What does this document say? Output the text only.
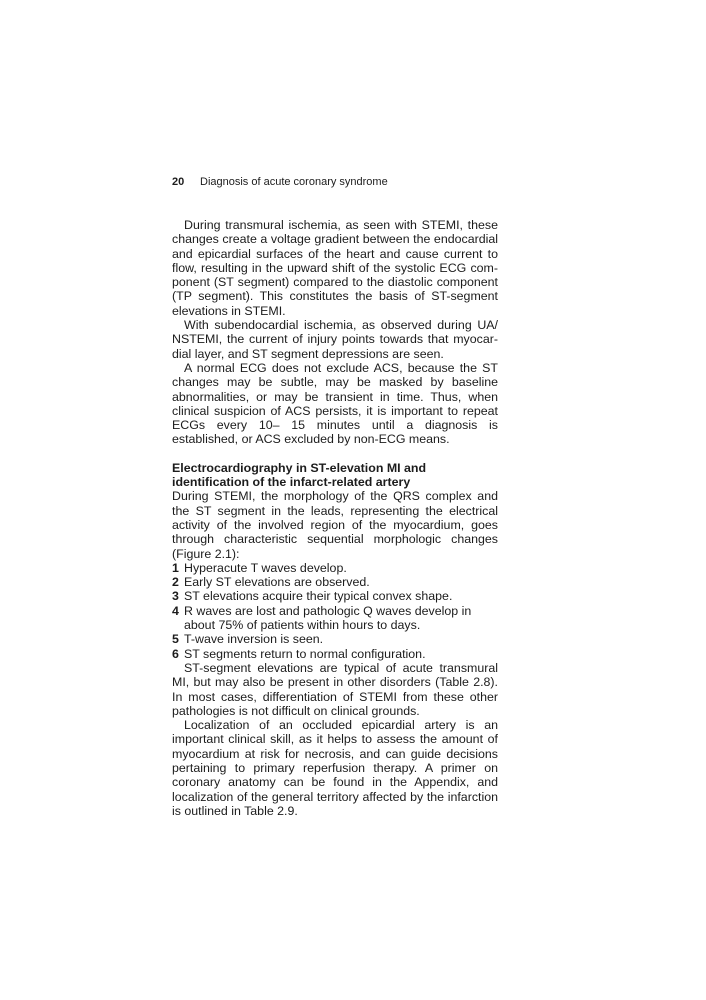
20 Diagnosis of acute coronary syndrome

During transmural ischemia, as seen with STEMI, these changes create a voltage gradient between the endocardial and epicardial surfaces of the heart and cause current to flow, resulting in the upward shift of the systolic ECG component (ST segment) compared to the diastolic component (TP segment). This constitutes the basis of ST-segment elevations in STEMI.

With subendocardial ischemia, as observed during UA/ NSTEMI, the current of injury points towards that myocardial layer, and ST segment depressions are seen.

A normal ECG does not exclude ACS, because the ST changes may be subtle, may be masked by baseline abnormalities, or may be transient in time. Thus, when clinical suspicion of ACS persists, it is important to repeat ECGs every 10– 15 minutes until a diagnosis is established, or ACS excluded by non-ECG means.

Electrocardiography in ST-elevation MI and identification of the infarct-related artery

During STEMI, the morphology of the QRS complex and the ST segment in the leads, representing the electrical activity of the involved region of the myocardium, goes through characteristic sequential morphologic changes (Figure 2.1):

1 Hyperacute T waves develop.
2 Early ST elevations are observed.
3 ST elevations acquire their typical convex shape.
4 R waves are lost and pathologic Q waves develop in about 75% of patients within hours to days.
5 T-wave inversion is seen.
6 ST segments return to normal configuration.

ST-segment elevations are typical of acute transmural MI, but may also be present in other disorders (Table 2.8). In most cases, differentiation of STEMI from these other pathologies is not difficult on clinical grounds.

Localization of an occluded epicardial artery is an important clinical skill, as it helps to assess the amount of myocardium at risk for necrosis, and can guide decisions pertaining to primary reperfusion therapy. A primer on coronary anatomy can be found in the Appendix, and localization of the general territory affected by the infarction is outlined in Table 2.9.
